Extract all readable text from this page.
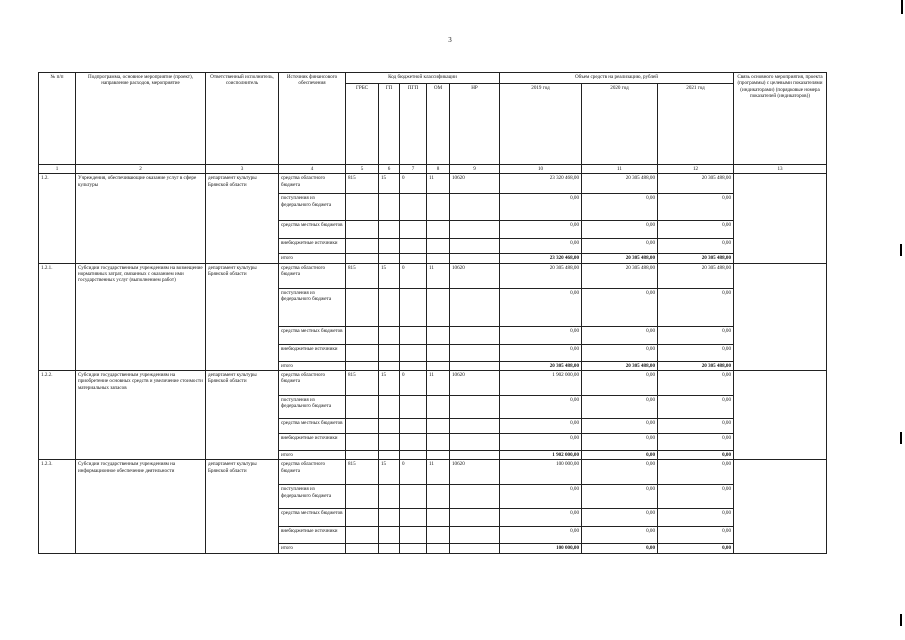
3
№ п/п	Подпрограмма, основное мероприятие (проект), направление расходов, мероприятие	Ответственный исполнитель, соисполнитель	Источник финансового обеспечения	Код бюджетной классификации					Объем средств на реализацию, рублей			Связь основного мероприятия, проекта (программы) с целевыми показателями (индикаторами) (порядковые номера показателей (индикаторов))
				ГРБС	ГП	ПГП	ОМ	НР	2019 год	2020 год	2021 год	
1	2	3	4	5	6	7	8	9	10	11	12	13
1.2.	Учреждения, обеспечивающие оказание услуг в сфере культуры	департамент культуры Брянской области	средства областного бюджета	815	15	0	11	10620	23 320 468,00	20 305 488,00	20 305 488,00	
			поступления из федерального бюджета						0,00	0,00	0,00	
			средства местных бюджетов						0,00	0,00	0,00	
			внебюджетные источники						0,00	0,00	0,00	
			итого						23 320 468,00	20 305 488,00	20 305 488,00	
1.2.1.	Субсидии государственным учреждениям на возмещение нормативных затрат, связанных с оказанием ими государственных услуг (выполнением работ)	департамент культуры Брянской области	средства областного бюджета	815	15	0	11	10620	20 305 488,00	20 305 488,00	20 305 488,00	
			поступления из федерального бюджета						0,00	0,00	0,00	
			средства местных бюджетов						0,00	0,00	0,00	
			внебюджетные источники						0,00	0,00	0,00	
			итого						20 305 488,00	20 305 488,00	20 305 488,00	
1.2.2.	Субсидии государственным учреждениям на приобретение основных средств и увеличение стоимости материальных запасов	департамент культуры Брянской области	средства областного бюджета	815	15	0	11	10620	1 902 000,00	0,00	0,00	
			поступления из федерального бюджета						0,00	0,00	0,00	
			средства местных бюджетов						0,00	0,00	0,00	
			внебюджетные источники						0,00	0,00	0,00	
			итого						1 902 000,00	0,00	0,00	
1.2.3.	Субсидии государственным учреждениям на информационное обеспечение деятельности	департамент культуры Брянской области	средства областного бюджета	815	15	0	11	10620	100 000,00	0,00	0,00	
			поступления из федерального бюджета						0,00	0,00	0,00	
			средства местных бюджетов						0,00	0,00	0,00	
			внебюджетные источники						0,00	0,00	0,00	
			итого						100 000,00	0,00	0,00	
